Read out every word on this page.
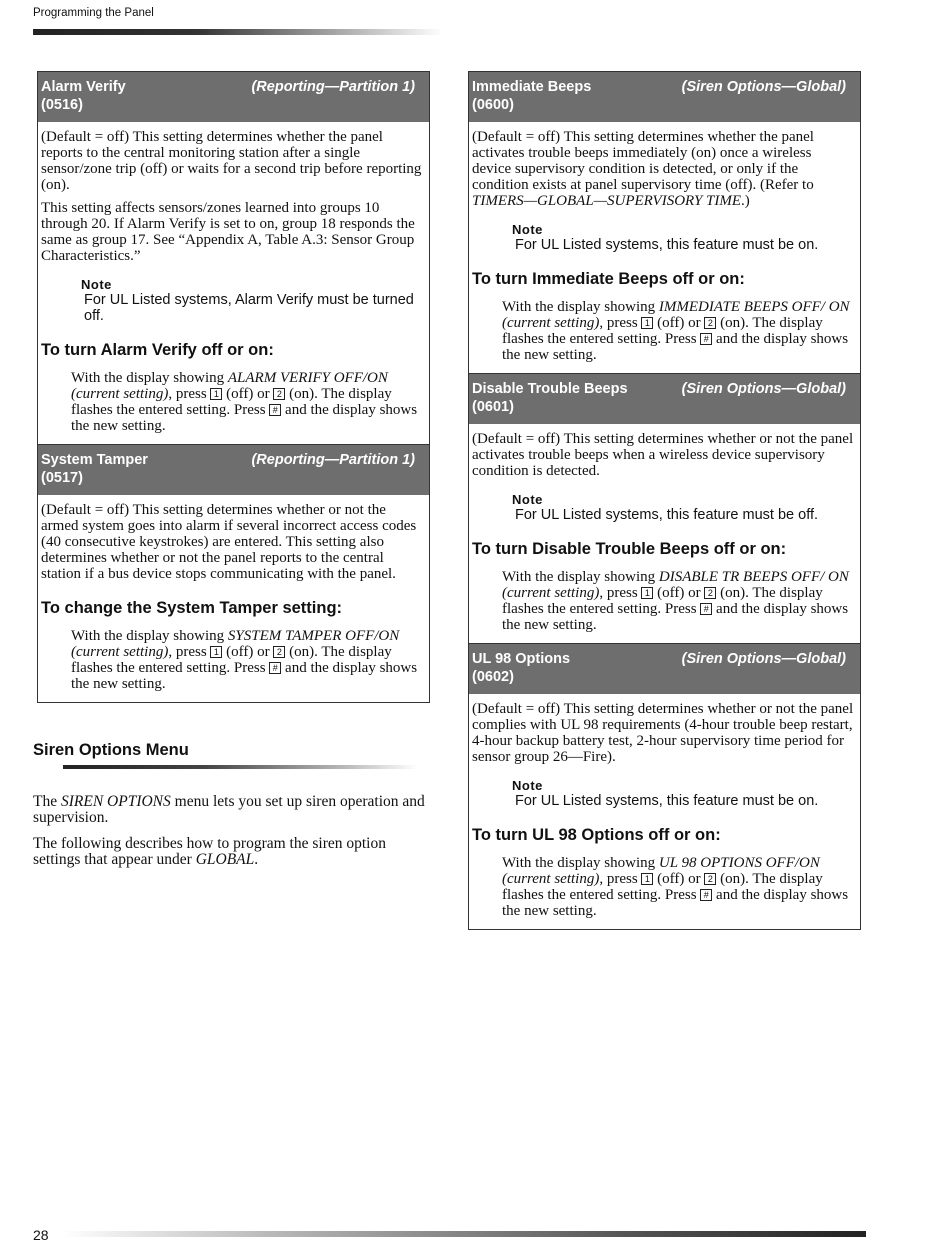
Programming the Panel
Alarm Verify
(0516)
(Reporting—Partition 1)

(Default = off) This setting determines whether the panel reports to the central monitoring station after a single sensor/zone trip (off) or waits for a second trip before reporting (on).

This setting affects sensors/zones learned into groups 10 through 20. If Alarm Verify is set to on, group 18 responds the same as group 17. See “Appendix A, Table A.3: Sensor Group Characteristics.”

Note
For UL Listed systems, Alarm Verify must be turned off.
To turn Alarm Verify off or on:
With the display showing ALARM VERIFY OFF/ON (current setting), press 1 (off) or 2 (on). The display flashes the entered setting. Press # and the display shows the new setting.
System Tamper
(0517)
(Reporting—Partition 1)

(Default = off) This setting determines whether or not the armed system goes into alarm if several incorrect access codes (40 consecutive keystrokes) are entered. This setting also determines whether or not the panel reports to the central station if a bus device stops communicating with the panel.

To change the System Tamper setting:
With the display showing SYSTEM TAMPER OFF/ON (current setting), press 1 (off) or 2 (on). The display flashes the entered setting. Press # and the display shows the new setting.
Siren Options Menu

The SIREN OPTIONS menu lets you set up siren operation and supervision.

The following describes how to program the siren option settings that appear under GLOBAL.

Immediate Beeps
(0600)
(Siren Options—Global)

(Default = off) This setting determines whether the panel activates trouble beeps immediately (on) once a wireless device supervisory condition is detected, or only if the condition exists at panel supervisory time (off). (Refer to TIMERS—GLOBAL—SUPERVISORY TIME.)

Note
For UL Listed systems, this feature must be on.
To turn Immediate Beeps off or on:
With the display showing IMMEDIATE BEEPS OFF/ ON (current setting), press 1 (off) or 2 (on). The display flashes the entered setting. Press # and the display shows the new setting.
Disable Trouble Beeps
(0601)
(Siren Options—Global)

(Default = off) This setting determines whether or not the panel activates trouble beeps when a wireless device supervisory condition is detected.

Note
For UL Listed systems, this feature must be off.
To turn Disable Trouble Beeps off or on:
With the display showing DISABLE TR BEEPS OFF/ ON (current setting), press 1 (off) or 2 (on). The display flashes the entered setting. Press # and the display shows the new setting.
UL 98 Options
(0602)
(Siren Options—Global)

(Default = off) This setting determines whether or not the panel complies with UL 98 requirements (4-hour trouble beep restart, 4-hour backup battery test, 2-hour supervisory time period for sensor group 26—Fire).

Note
For UL Listed systems, this feature must be on.
To turn UL 98 Options off or on:
With the display showing UL 98 OPTIONS OFF/ON (current setting), press 1 (off) or 2 (on). The display flashes the entered setting. Press # and the display shows the new setting.
28
